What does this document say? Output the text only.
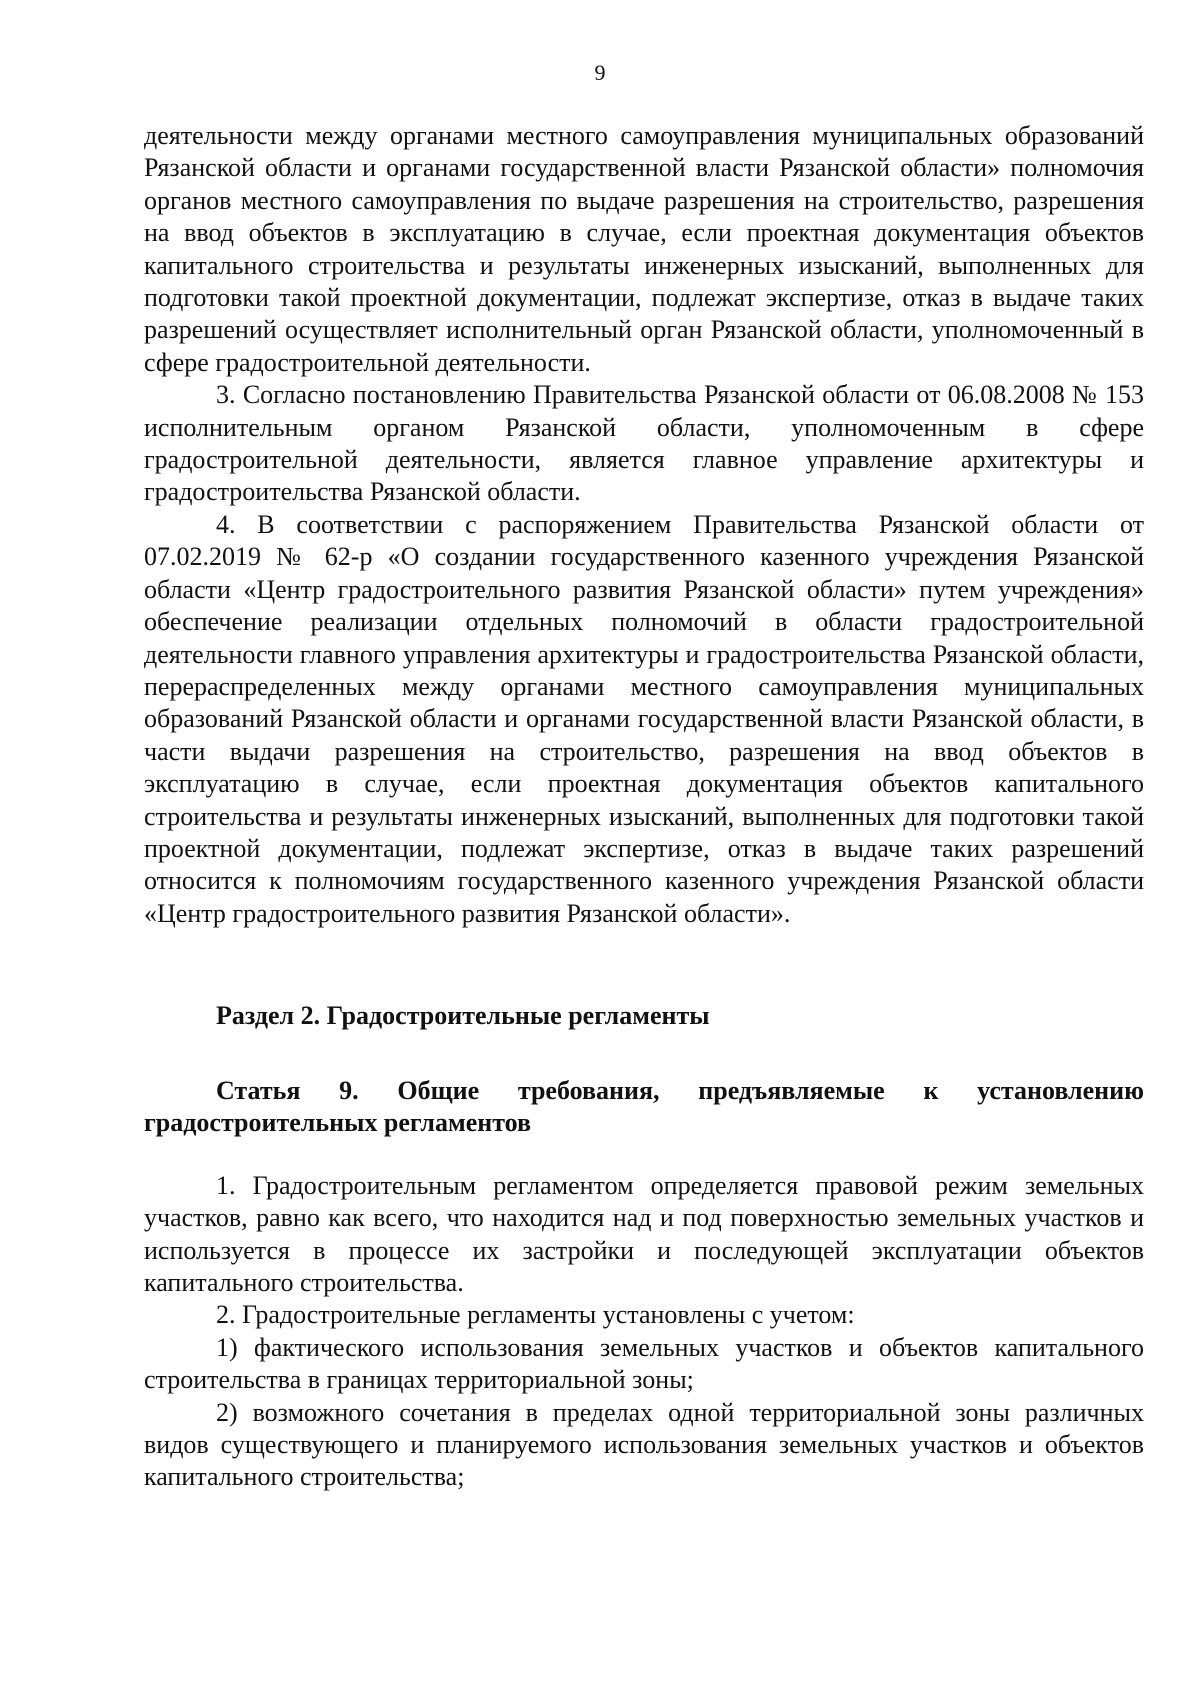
9

деятельности между органами местного самоуправления муниципальных образований Рязанской области и органами государственной власти Рязанской области» полномочия органов местного самоуправления по выдаче разрешения на строительство, разрешения на ввод объектов в эксплуатацию в случае, если проектная документация объектов капитального строительства и результаты инженерных изысканий, выполненных для подготовки такой проектной документации, подлежат экспертизе, отказ в выдаче таких разрешений осуществляет исполнительный орган Рязанской области, уполномоченный в сфере градостроительной деятельности.

3. Согласно постановлению Правительства Рязанской области от 06.08.2008 № 153 исполнительным органом Рязанской области, уполномоченным в сфере градостроительной деятельности, является главное управление архитектуры и градостроительства Рязанской области.

4. В соответствии с распоряжением Правительства Рязанской области от 07.02.2019 № 62-р «О создании государственного казенного учреждения Рязанской области «Центр градостроительного развития Рязанской области» путем учреждения» обеспечение реализации отдельных полномочий в области градостроительной деятельности главного управления архитектуры и градостроительства Рязанской области, перераспределенных между органами местного самоуправления муниципальных образований Рязанской области и органами государственной власти Рязанской области, в части выдачи разрешения на строительство, разрешения на ввод объектов в эксплуатацию в случае, если проектная документация объектов капитального строительства и результаты инженерных изысканий, выполненных для подготовки такой проектной документации, подлежат экспертизе, отказ в выдаче таких разрешений относится к полномочиям государственного казенного учреждения Рязанской области «Центр градостроительного развития Рязанской области».

Раздел 2. Градостроительные регламенты

Статья 9. Общие требования, предъявляемые к установлению градостроительных регламентов

1. Градостроительным регламентом определяется правовой режим земельных участков, равно как всего, что находится над и под поверхностью земельных участков и используется в процессе их застройки и последующей эксплуатации объектов капитального строительства.

2. Градостроительные регламенты установлены с учетом:

1) фактического использования земельных участков и объектов капитального строительства в границах территориальной зоны;

2) возможного сочетания в пределах одной территориальной зоны различных видов существующего и планируемого использования земельных участков и объектов капитального строительства;
